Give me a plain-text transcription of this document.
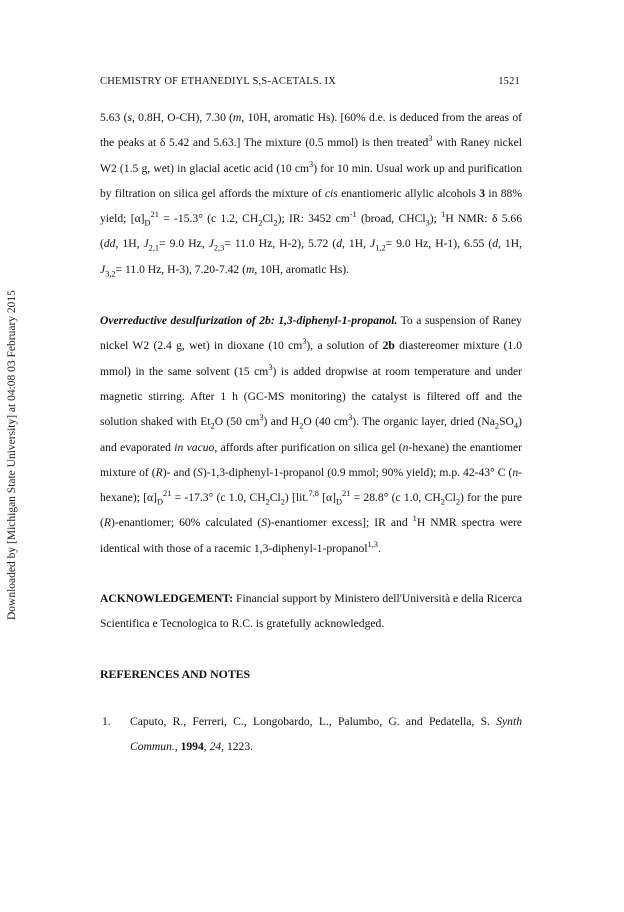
Downloaded by [Michigan State University] at 04:08 03 February 2015
CHEMISTRY OF ETHANEDIYL S,S-ACETALS. IX	1521

5.63 (s, 0.8H, O-CH), 7.30 (m, 10H, aromatic Hs). [60% d.e. is deduced from the areas of the peaks at δ 5.42 and 5.63.] The mixture (0.5 mmol) is then treated$^3$ with Raney nickel W2 (1.5 g, wet) in glacial acetic acid (10 $cm^3$) for 10 min. Usual work up and purification by filtration on silica gel affords the mixture of cis enantiomeric allylic alcohols 3 in 88% yield; $[\alpha]_D^{21} = -15.3^\circ$ (c 1.2, $CH_2Cl_2$); IR: 3452 $cm^{-1}$ (broad, CHCl$_3$); $^1$H NMR: δ 5.66 (dd, 1H, $J_{2,1}= 9.0$ Hz, $J_{2,3}= 11.0$ Hz, H-2), 5.72 (d, 1H, $J_{1,2}= 9.0$ Hz, H-1), 6.55 (d, 1H, $J_{3,2}= 11.0$ Hz, H-3), 7.20-7.42 (m, 10H, aromatic Hs).

Overreductive desulfurization of 2b: 1,3-diphenyl-1-propanol. To a suspension of Raney nickel W2 (2.4 g, wet) in dioxane (10 $cm^3$), a solution of 2b diastereomer mixture (1.0 mmol) in the same solvent (15 $cm^3$) is added dropwise at room temperature and under magnetic stirring. After 1 h (GC-MS monitoring) the catalyst is filtered off and the solution shaked with $Et_2O$ (50 $cm^3$) and $H_2O$ (40 $cm^3$). The organic layer, dried $(Na_2SO_4)$ and evaporated in vacuo, affords after purification on silica gel (n-hexane) the enantiomer mixture of (R)- and (S)-1,3-diphenyl-1-propanol (0.9 mmol; 90% yield); m.p. 42-43° C (n-hexane); $[\alpha]_D^{21} = -17.3^\circ$ (c 1.0, $CH_2Cl_2$) [lit.$^{7,8}$ $[\alpha]_D^{21} = 28.8^\circ$ (c 1.0, $CH_2Cl_2$) for the pure (R)-enantiomer; 60% calculated (S)-enantiomer excess]; IR and $^1$H NMR spectra were identical with those of a racemic 1,3-diphenyl-1-propanol$^{1,3}$.

ACKNOWLEDGEMENT: Financial support by Ministero dell'Università e della Ricerca Scientifica e Tecnologica to R.C. is gratefully acknowledged.

REFERENCES AND NOTES

1.	Caputo, R., Ferreri, C., Longobardo, L., Palumbo, G. and Pedatella, S. Synth Commun., 1994, 24, 1223.
